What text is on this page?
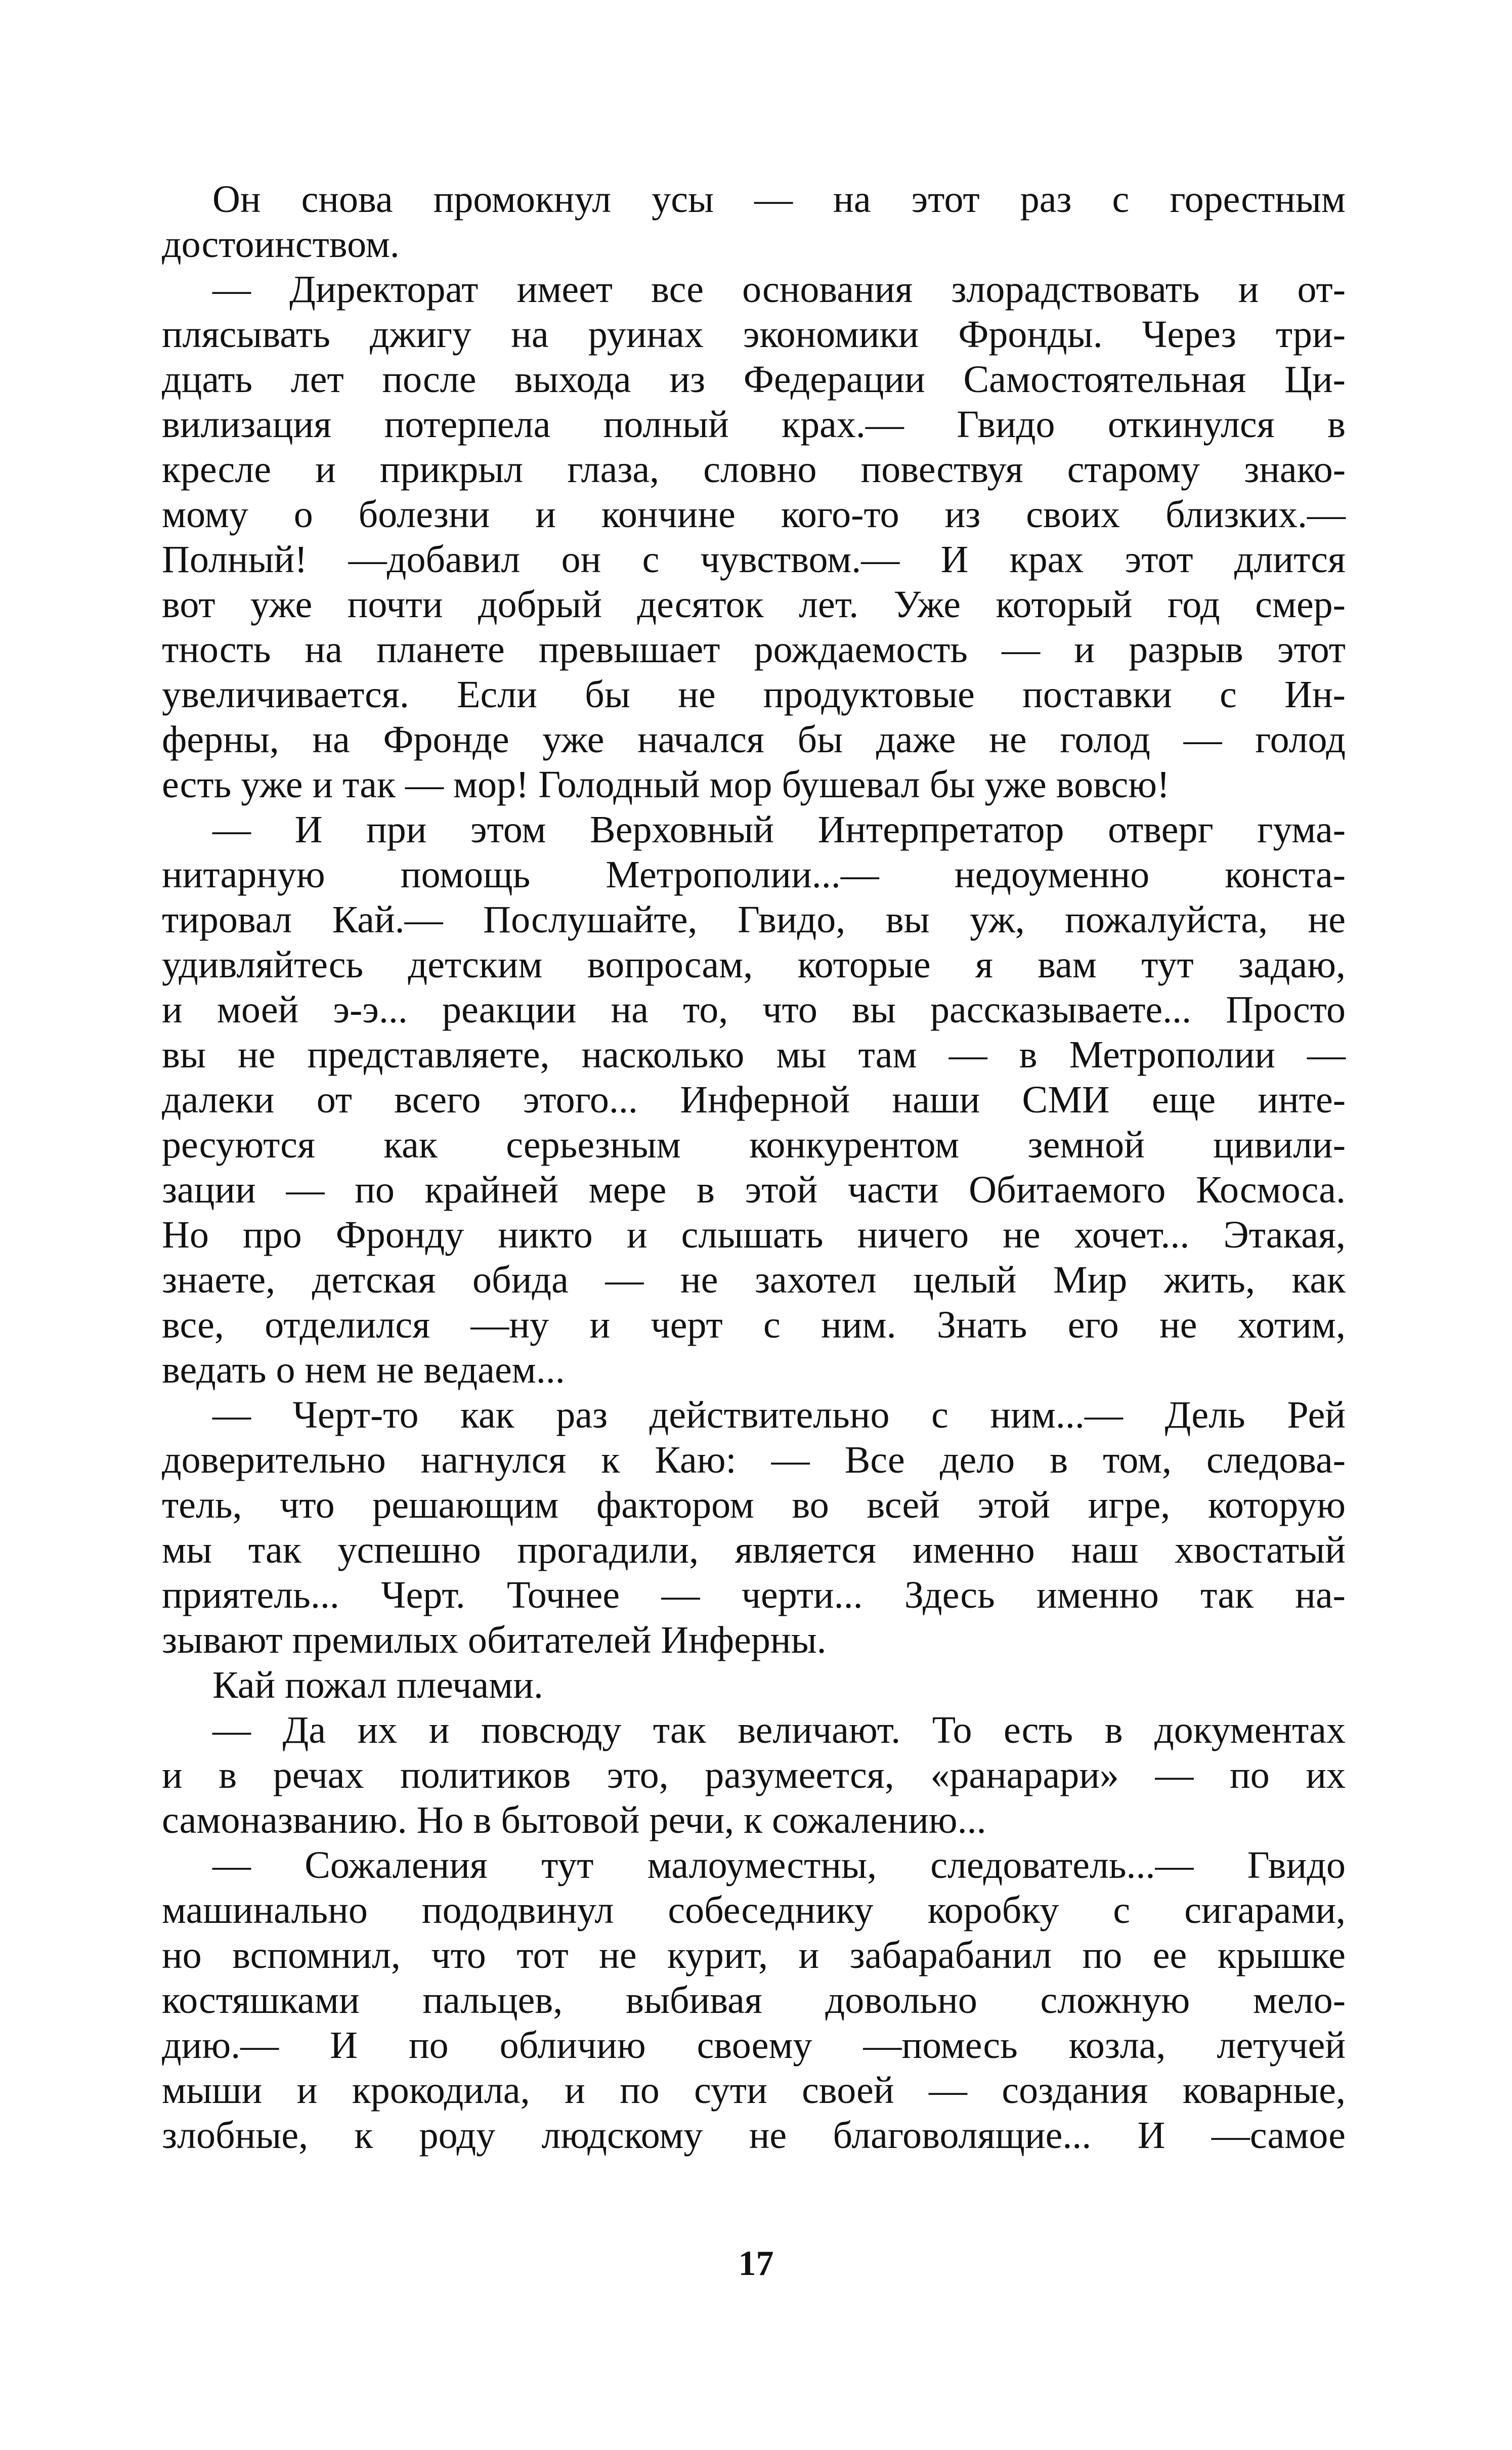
Он снова промокнул усы — на этот раз с горестным
достоинством.
— Директорат имеет все основания злорадствовать и от-
плясывать джигу на руинах экономики Фронды. Через три-
дцать лет после выхода из Федерации Самостоятельная Ци-
вилизация потерпела полный крах.— Гвидо откинулся в
кресле и прикрыл глаза, словно повествуя старому знако-
мому о болезни и кончине кого-то из своих близких.—
Полный! —добавил он с чувством.— И крах этот длится
вот уже почти добрый десяток лет. Уже который год смер-
тность на планете превышает рождаемость — и разрыв этот
увеличивается. Если бы не продуктовые поставки с Ин-
ферны, на Фронде уже начался бы даже не голод — голод
есть уже и так — мор! Голодный мор бушевал бы уже вовсю!
— И при этом Верховный Интерпретатор отверг гума-
нитарную помощь Метрополии...— недоуменно конста-
тировал Кай.— Послушайте, Гвидо, вы уж, пожалуйста, не
удивляйтесь детским вопросам, которые я вам тут задаю,
и моей э-э... реакции на то, что вы рассказываете... Просто
вы не представляете, насколько мы там — в Метрополии —
далеки от всего этого... Инферной наши СМИ еще инте-
ресуются как серьезным конкурентом земной цивили-
зации — по крайней мере в этой части Обитаемого Космоса.
Но про Фронду никто и слышать ничего не хочет... Этакая,
знаете, детская обида — не захотел целый Мир жить, как
все, отделился —ну и черт с ним. Знать его не хотим,
ведать о нем не ведаем...
— Черт-то как раз действительно с ним...— Дель Рей
доверительно нагнулся к Каю: — Все дело в том, следова-
тель, что решающим фактором во всей этой игре, которую
мы так успешно прогадили, является именно наш хвостатый
приятель... Черт. Точнее — черти... Здесь именно так на-
зывают премилых обитателей Инферны.
Кай пожал плечами.
— Да их и повсюду так величают. То есть в документах
и в речах политиков это, разумеется, «ранарари» — по их
самоназванию. Но в бытовой речи, к сожалению...
— Сожаления тут малоуместны, следователь...— Гвидо
машинально пододвинул собеседнику коробку с сигарами,
но вспомнил, что тот не курит, и забарабанил по ее крышке
костяшками пальцев, выбивая довольно сложную мело-
дию.— И по обличию своему —помесь козла, летучей
мыши и крокодила, и по сути своей — создания коварные,
злобные, к роду людскому не благоволящие... И —самое
17
